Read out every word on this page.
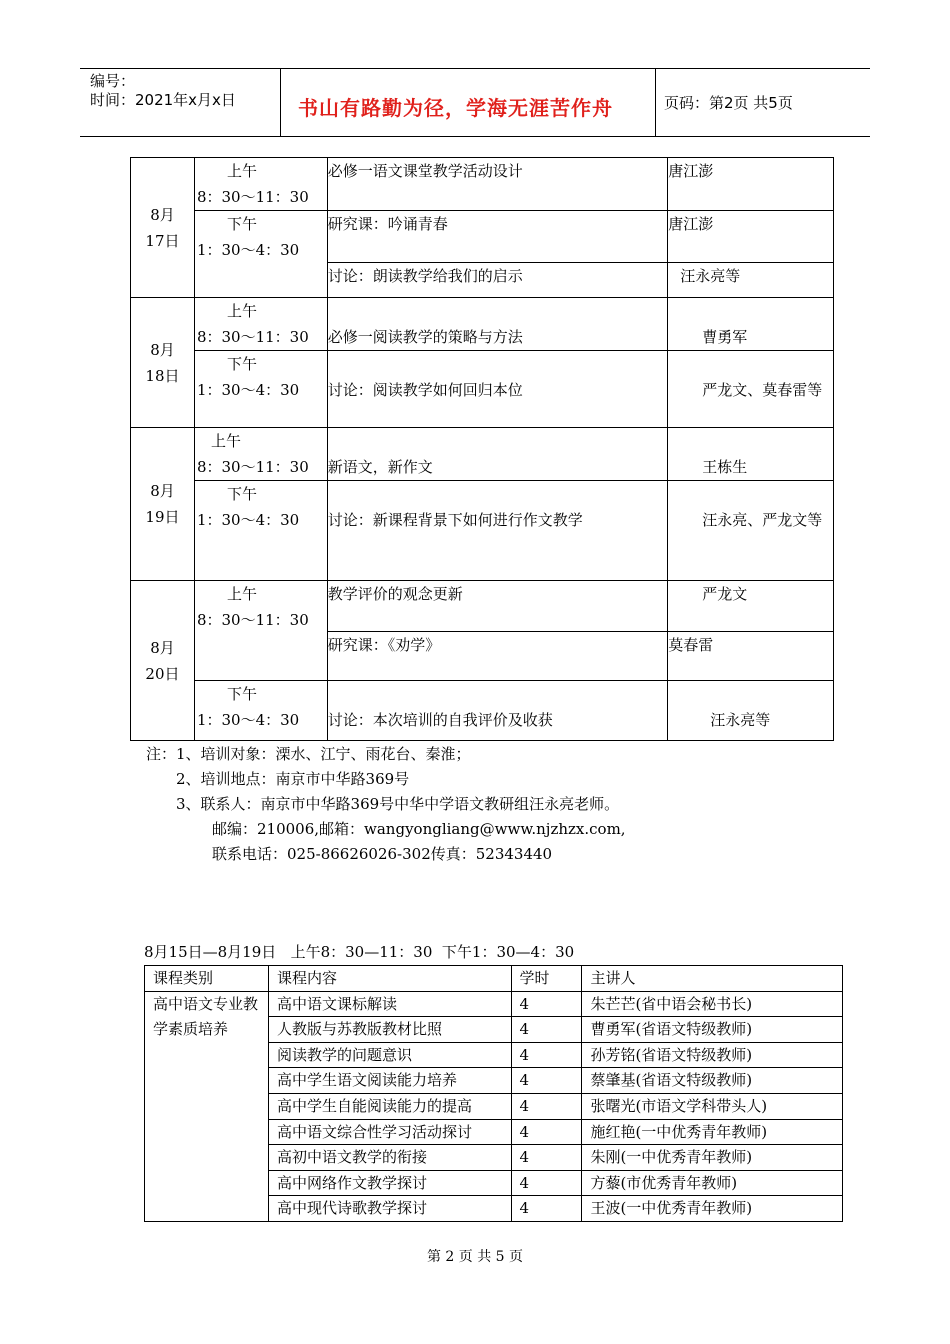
编号：
时间：2021年x月x日	书山有路勤为径，学海无涯苦作舟	页码：第2页 共5页
8月17日	上午
8：30～11：30	必修一语文课堂教学活动设计	唐江澎

	下午
1：30～4：30	研究课：吟诵青春	唐江澎
		讨论：朗读教学给我们的启示	汪永亮等

8月18日	上午
8：30～11：30	必修一阅读教学的策略与方法	曹勇军

	下午
1：30～4：30	讨论：阅读教学如何回归本位	严龙文、莫春雷等

8月19日	上午
8：30～11：30	新语文，新作文	王栋生

	下午
1：30～4：30	讨论：新课程背景下如何进行作文教学	汪永亮、严龙文等

8月20日	上午
8：30～11：30	教学评价的观念更新	严龙文
		研究课：《劝学》	莫春雷

	下午
1：30～4：30	讨论：本次培训的自我评价及收获	汪永亮等
注：1、培训对象：溧水、江宁、雨花台、秦淮；
2、培训地点：南京市中华路369号
3、联系人：南京市中华路369号中华中学语文教研组汪永亮老师。
邮编：210006,邮箱：wangyongliang@www.njzhzx.com,
联系电话：025-86626026-302传真：52343440
8月15日—8月19日   上午8：30—11：30  下午1：30—4：30
课程类别	课程内容	学时	主讲人

高中语文专业教学素质培养	高中语文课标解读	4	朱芒芒(省中语会秘书长)
	人教版与苏教版教材比照	4	曹勇军(省语文特级教师)
	阅读教学的问题意识	4	孙芳铭(省语文特级教师)
	高中学生语文阅读能力培养	4	蔡肇基(省语文特级教师)
	高中学生自能阅读能力的提高	4	张曙光(市语文学科带头人)
	高中语文综合性学习活动探讨	4	施红艳(一中优秀青年教师)
	高初中语文教学的衔接	4	朱刚(一中优秀青年教师)
	高中网络作文教学探讨	4	方藜(市优秀青年教师)
	高中现代诗歌教学探讨	4	王波(一中优秀青年教师)
第 2 页 共 5 页
